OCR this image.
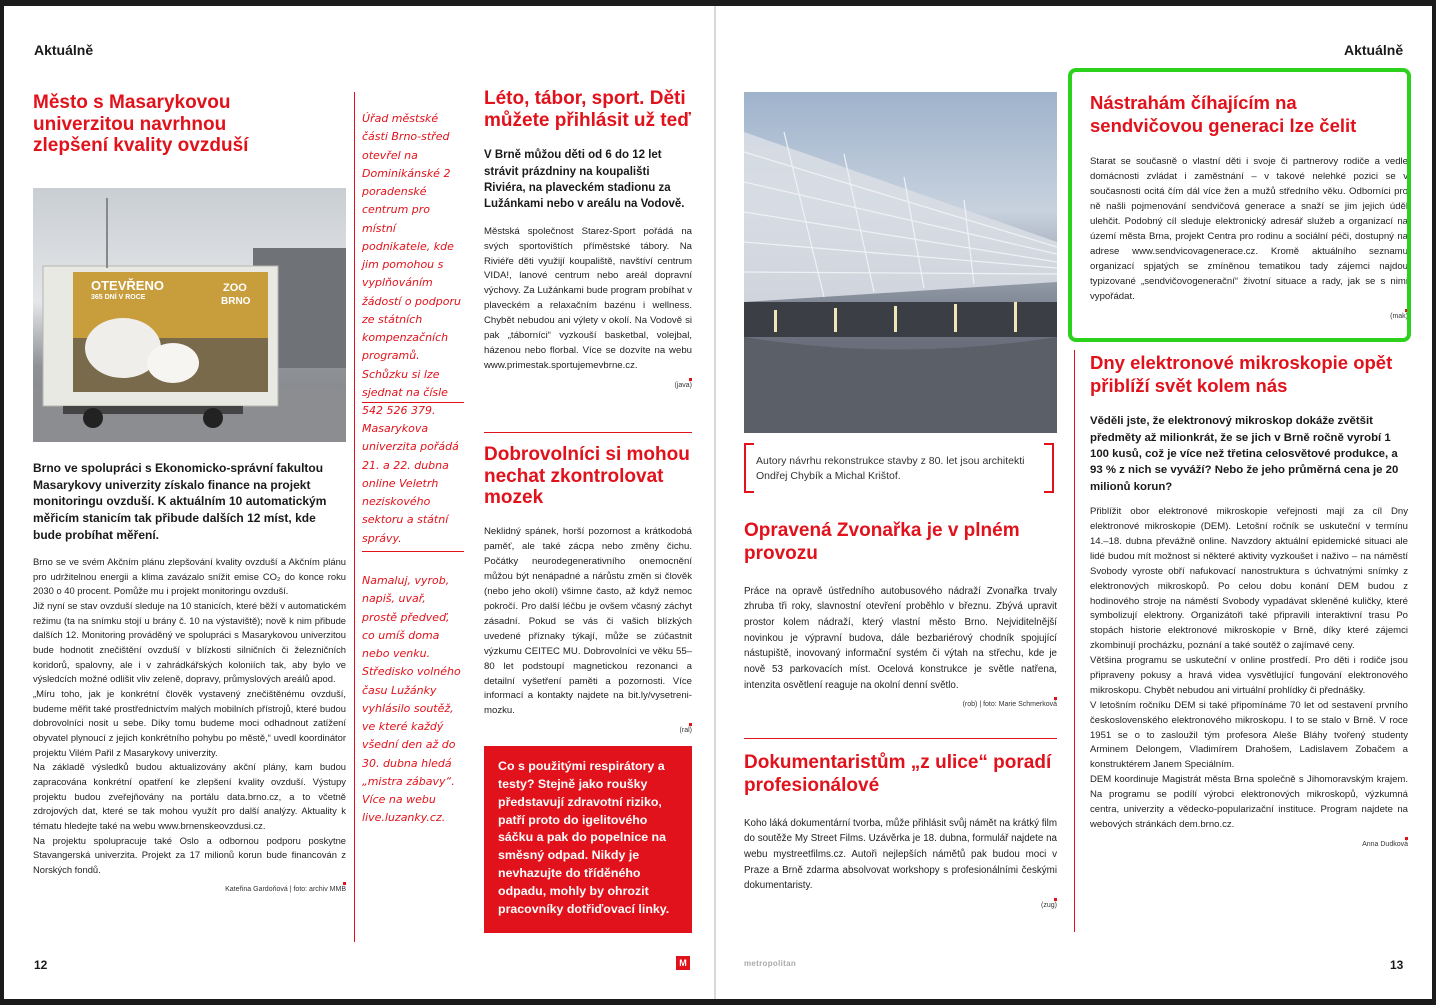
Aktuálně
Město s Masarykovou univerzitou navrhnou zlepšení kvality ovzduší
OTEVŘENO
365 DNÍ V ROCE
ZOO
BRNO

Brno ve spolupráci s Ekonomicko-správní fakultou Masarykovy univerzity získalo finance na projekt monitoringu ovzduší. K aktuálním 10 automatickým měřicím stanicím tak přibude dalších 12 míst, kde bude probíhat měření.

Brno se ve svém Akčním plánu zlepšování kvality ovzduší a Akčním plánu pro udržitelnou energii a klima zavázalo snížit emise CO₂ do konce roku 2030 o 40 procent. Pomůže mu i projekt monitoringu ovzduší.
Již nyní se stav ovzduší sleduje na 10 stanicích, které běží v automatickém režimu (ta na snímku stojí u brány č. 10 na výstaviště); nově k nim přibude dalších 12. Monitoring prováděný ve spolupráci s Masarykovou univerzitou bude hodnotit znečištění ovzduší v blízkosti silničních či železničních koridorů, spalovny, ale i v zahrádkářských koloniích tak, aby bylo ve výsledcích možné odlišit vliv zeleně, dopravy, průmyslových areálů apod.
„Míru toho, jak je konkrétní člověk vystavený znečištěnému ovzduší, budeme měřit také prostřednictvím malých mobilních přístrojů, které budou dobrovolníci nosit u sebe. Díky tomu budeme moci odhadnout zatížení obyvatel plynoucí z jejich konkrétního pohybu po městě,“ uvedl koordinátor projektu Vilém Pařil z Masarykovy univerzity.
Na základě výsledků budou aktualizovány akční plány, kam budou zapracována konkrétní opatření ke zlepšení kvality ovzduší. Výstupy projektu budou zveřejňovány na portálu data.brno.cz, a to včetně zdrojových dat, které se tak mohou využít pro další analýzy. Aktuality k tématu hledejte také na webu www.brnenskeovzdusi.cz.
Na projektu spolupracuje také Oslo a odbornou podporu poskytne Stavangerská univerzita. Projekt za 17 milionů korun bude financován z Norských fondů.

Kateřina Gardoňová | foto: archiv MMB

Úřad městské části Brno-střed otevřel na Dominikánské 2 poradenské centrum pro místní podnikatele, kde jim pomohou s vyplňováním žádostí o podporu ze státních kompenzačních programů. Schůzku si lze sjednat na čísle 542 526 379.

Masarykova univerzita pořádá 21. a 22. dubna online Veletrh neziskového sektoru a státní správy.

Namaluj, vyrob, napiš, uvař, prostě předveď, co umíš doma nebo venku. Středisko volného času Lužánky vyhlásilo soutěž, ve které každý všední den až do 30. dubna hledá „mistra zábavy“. Více na webu live.luzanky.cz.

Léto, tábor, sport. Děti můžete přihlásit už teď

V Brně můžou děti od 6 do 12 let strávit prázdniny na koupališti Riviéra, na plaveckém stadionu za Lužánkami nebo v areálu na Vodově.

Městská společnost Starez-Sport pořádá na svých sportovištích příměstské tábory. Na Riviéře děti využijí koupaliště, navštíví centrum VIDA!, lanové centrum nebo areál dopravní výchovy. Za Lužánkami bude program probíhat v plaveckém a relaxačním bazénu i wellness. Chybět nebudou ani výlety v okolí. Na Vodově si pak „táborníci“ vyzkouší basketbal, volejbal, házenou nebo florbal. Více se dozvíte na webu www.primestak.sportujemevbrne.cz.

(java)
Dobrovolníci si mohou nechat zkontrolovat mozek

Neklidný spánek, horší pozornost a krátkodobá paměť, ale také zácpa nebo změny čichu. Počátky neurodegenerativního onemocnění můžou být nenápadné a nárůstu změn si člověk (nebo jeho okolí) všimne často, až když nemoc pokročí. Pro další léčbu je ovšem včasný záchyt zásadní. Pokud se vás či vašich blízkých uvedené příznaky týkají, může se zúčastnit výzkumu CEITEC MU. Dobrovolníci ve věku 55–80 let podstoupí magnetickou rezonanci a detailní vyšetření paměti a pozornosti. Více informací a kontakty najdete na bit.ly/vysetreni-mozku.

(ral)

Co s použitými respirátory a testy? Stejně jako roušky představují zdravotní riziko, patří proto do igelitového sáčku a pak do popelnice na směsný odpad. Nikdy je nevhazujte do tříděného odpadu, mohly by ohrozit pracovníky dotřiďovací linky.

12
Aktuálně

Autory návrhu rekonstrukce stavby z 80. let jsou architekti Ondřej Chybík a Michal Krištof.

Opravená Zvonařka je v plném provozu

Práce na opravě ústředního autobusového nádraží Zvonařka trvaly zhruba tři roky, slavnostní otevření proběhlo v březnu. Zbývá upravit prostor kolem nádraží, který vlastní město Brno. Nejviditelnější novinkou je výpravní budova, dále bezbariérový chodník spojující nástupiště, inovovaný informační systém či výtah na střechu, kde je nově 53 parkovacích míst. Ocelová konstrukce je světle natřena, intenzita osvětlení reaguje na okolní denní světlo.

(rob) | foto: Marie Schmerková
Dokumentaristům „z ulice“ poradí profesionálové

Koho láká dokumentární tvorba, může přihlásit svůj námět na krátký film do soutěže My Street Films. Uzávěrka je 18. dubna, formulář najdete na webu mystreetfilms.cz. Autoři nejlepších námětů pak budou moci v Praze a Brně zdarma absolvovat workshopy s profesionálními českými dokumentaristy.

(zug)
Nástrahám číhajícím na sendvičovou generaci lze čelit

Starat se současně o vlastní děti i svoje či partnerovy rodiče a vedle domácnosti zvládat i zaměstnání – v takové nelehké pozici se v současnosti ocitá čím dál více žen a mužů středního věku. Odborníci pro ně našli pojmenování sendvičová generace a snaží se jim jejich úděl ulehčit. Podobný cíl sleduje elektronický adresář služeb a organizací na území města Brna, projekt Centra pro rodinu a sociální péči, dostupný na adrese www.sendvicovagenerace.cz. Kromě aktuálního seznamu organizací spjatých se zmíněnou tematikou tady zájemci najdou typizované „sendvičovogenerační“ životní situace a rady, jak se s nimi vypořádat.

(mak)
Dny elektronové mikroskopie opět přiblíží svět kolem nás

Věděli jste, že elektronový mikroskop dokáže zvětšit předměty až milionkrát, že se jich v Brně ročně vyrobí 1 100 kusů, což je více než třetina celosvětové produkce, a 93 % z nich se vyváží? Nebo že jeho průměrná cena je 20 milionů korun?

Přiblížit obor elektronové mikroskopie veřejnosti mají za cíl Dny elektronové mikroskopie (DEM). Letošní ročník se uskuteční v termínu 14.–18. dubna převážně online. Navzdory aktuální epidemické situaci ale lidé budou mít možnost si některé aktivity vyzkoušet i naživo – na náměstí Svobody vyroste obří nafukovací nanostruktura s úchvatnými snímky z elektronových mikroskopů. Po celou dobu konání DEM budou z hodinového stroje na náměstí Svobody vypadávat skleněné kuličky, které symbolizují elektrony. Organizátoři také připravili interaktivní trasu Po stopách historie elektronové mikroskopie v Brně, díky které zájemci zkombinují procházku, poznání a také soutěž o zajímavé ceny.
Většina programu se uskuteční v online prostředí. Pro děti i rodiče jsou připraveny pokusy a hravá videa vysvětlující fungování elektronového mikroskopu. Chybět nebudou ani virtuální prohlídky či přednášky.
V letošním ročníku DEM si také připomínáme 70 let od sestavení prvního československého elektronového mikroskopu. I to se stalo v Brně. V roce 1951 se o to zasloužil tým profesora Aleše Bláhy tvořený studenty Arminem Delongem, Vladimírem Drahošem, Ladislavem Zobačem a konstruktérem Janem Speciálním.
DEM koordinuje Magistrát města Brna společně s Jihomoravským krajem. Na programu se podílí výrobci elektronových mikroskopů, výzkumná centra, univerzity a vědecko-popularizační instituce. Program najdete na webových stránkách dem.brno.cz.

Anna Dudková
M	metropolitan	13
